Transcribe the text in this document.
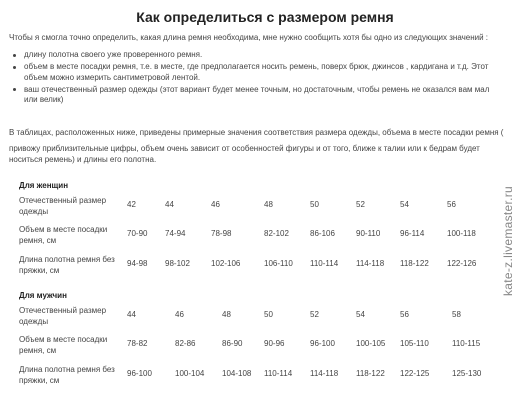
Как определиться с размером ремня
Чтобы я смогла точно определить, какая длина ремня необходима, мне нужно сообщить хотя бы одно из следующих значений :
длину полотна своего уже проверенного ремня.
объем в месте посадки ремня, т.е. в месте, где предполагается носить ремень, поверх брюк, джинсов , кардигана и т.д. Этот объем можно измерить сантиметровой лентой.
ваш отечественный размер одежды (этот вариант будет менее точным, но достаточным, чтобы ремень не оказался вам мал или велик)
В таблицах, расположенных ниже, приведены примерные значения соответствия размера одежды, объема в месте посадки ремня (
привожу приблизительные цифры, объем очень зависит от особенностей фигуры и от того, ближе к талии или к бедрам будет носиться ремень) и длины его полотна.
Для женщин
Отечественный размер одежды
42	44	46	48	50	52	54	56
Объем в месте посадки ремня, см
70-90 74-94	78-98	82-102	86-106	90-110 96-114	100-118
Длина полотна ремня без пряжки, см
94-98 98-102	102-106	106-110 110-114 114-118 118-122 122-126
Для мужчин
Отечественный размер одежды
44	46	48	50	52	54	56	58
Объем в месте посадки ремня, см
78-82	82-86	86-90	90-96	96-100	100-105 105-110	110-115
Длина полотна ремня без пряжки, см
96-100	100-104 104-108 110-114 114-118 118-122 122-125	125-130
kate-z.livemaster.ru
